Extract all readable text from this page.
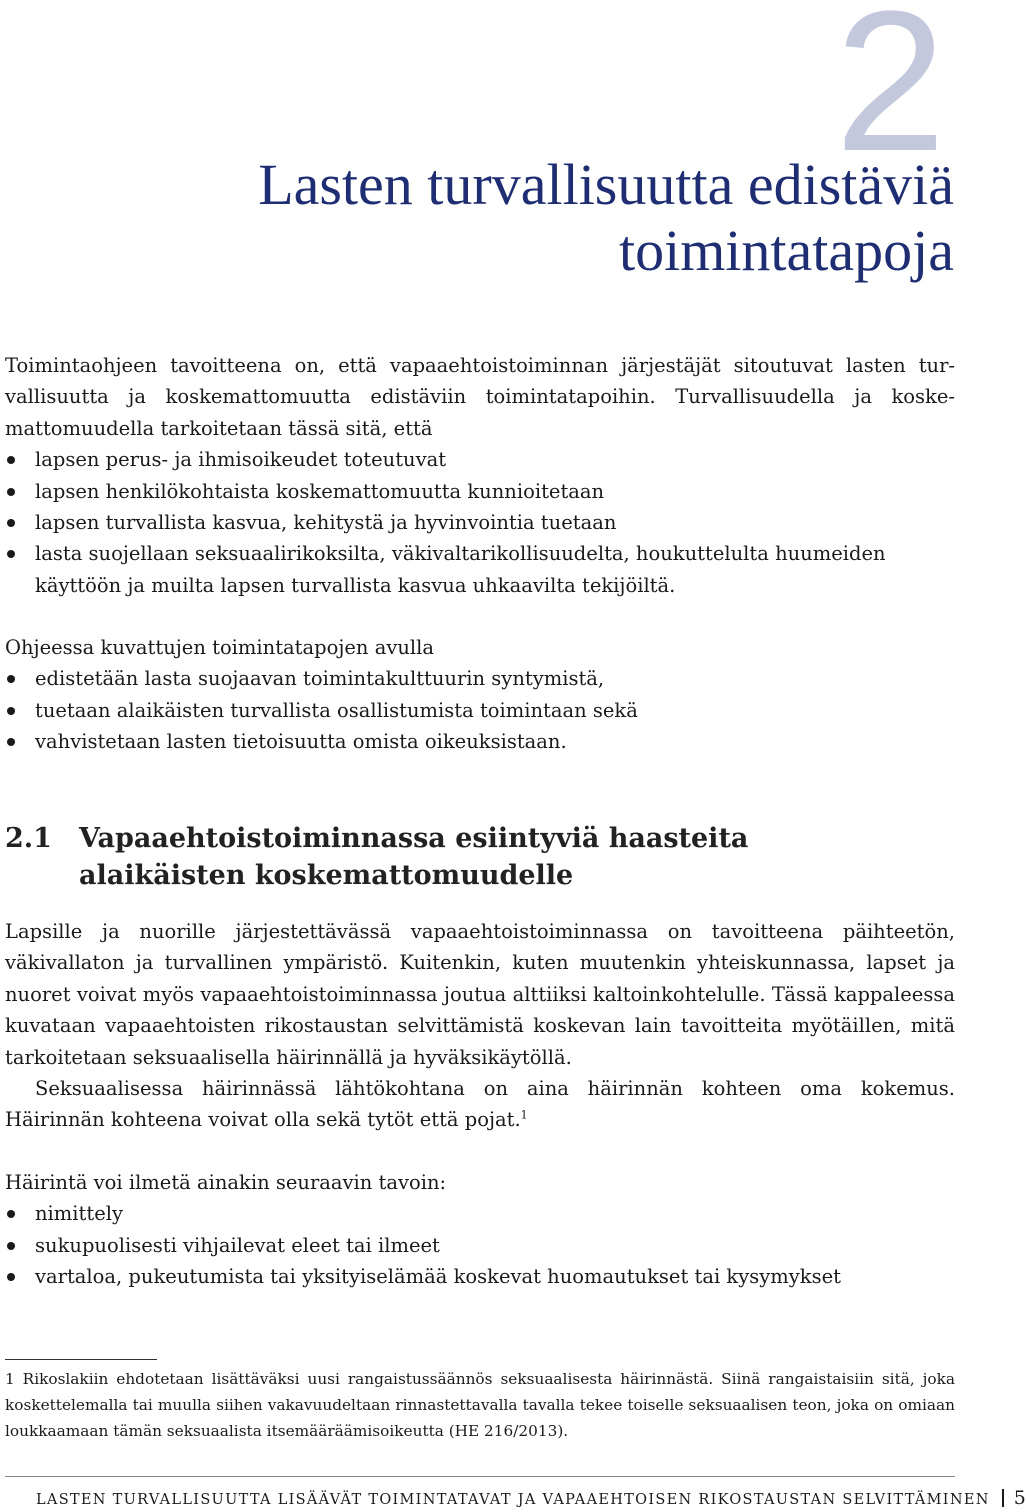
2
Lasten turvallisuutta edistäviä
toimintatapoja

Toimintaohjeen tavoitteena on, että vapaaehtoistoiminnan järjestäjät sitoutuvat lasten turvallisuutta ja koskemattomuutta edistäviin toimintatapoihin. Turvallisuudella ja koskemattomuudella tarkoitetaan tässä sitä, että

lapsen perus- ja ihmisoikeudet toteutuvat
lapsen henkilökohtaista koskemattomuutta kunnioitetaan
lapsen turvallista kasvua, kehitystä ja hyvinvointia tuetaan
lasta suojellaan seksuaalirikoksilta, väkivaltarikollisuudelta, houkuttelulta huumeiden käyttöön ja muilta lapsen turvallista kasvua uhkaavilta tekijöiltä.

Ohjeessa kuvattujen toimintatapojen avulla

edistetään lasta suojaavan toimintakulttuurin syntymistä,
tuetaan alaikäisten turvallista osallistumista toimintaan sekä
vahvistetaan lasten tietoisuutta omista oikeuksistaan.
2.1	Vapaaehtoistoiminnassa esiintyviä haasteita
alaikäisten koskemattomuudelle

Lapsille ja nuorille järjestettävässä vapaaehtoistoiminnassa on tavoitteena päihteetön, väkivallaton ja turvallinen ympäristö. Kuitenkin, kuten muutenkin yhteiskunnassa, lapset ja nuoret voivat myös vapaaehtoistoiminnassa joutua alttiiksi kaltoinkohtelulle. Tässä kappaleessa kuvataan vapaaehtoisten rikostaustan selvittämistä koskevan lain tavoitteita myötäillen, mitä tarkoitetaan seksuaalisella häirinnällä ja hyväksikäytöllä.

Seksuaalisessa häirinnässä lähtökohtana on aina häirinnän kohteen oma kokemus. Häirinnän kohteena voivat olla sekä tytöt että pojat.$^1$

Häirintä voi ilmetä ainakin seuraavin tavoin:

nimittely
sukupuolisesti vihjailevat eleet tai ilmeet
vartaloa, pukeutumista tai yksityiselämää koskevat huomautukset tai kysymykset

1 Rikoslakiin ehdotetaan lisättäväksi uusi rangaistussäännös seksuaalisesta häirinnästä. Siinä rangaistaisiin sitä, joka koskettelemalla tai muulla siihen vakavuudeltaan rinnastettavalla tavalla tekee toiselle seksuaalisen teon, joka on omiaan loukkaamaan tämän seksuaalista itsemääräämisoikeutta (HE 216/2013).

LASTEN TURVALLISUUTTA LISÄÄVÄT TOIMINTATAVAT JA VAPAAEHTOISEN RIKOSTAUSTAN SELVITTÄMINEN 5
